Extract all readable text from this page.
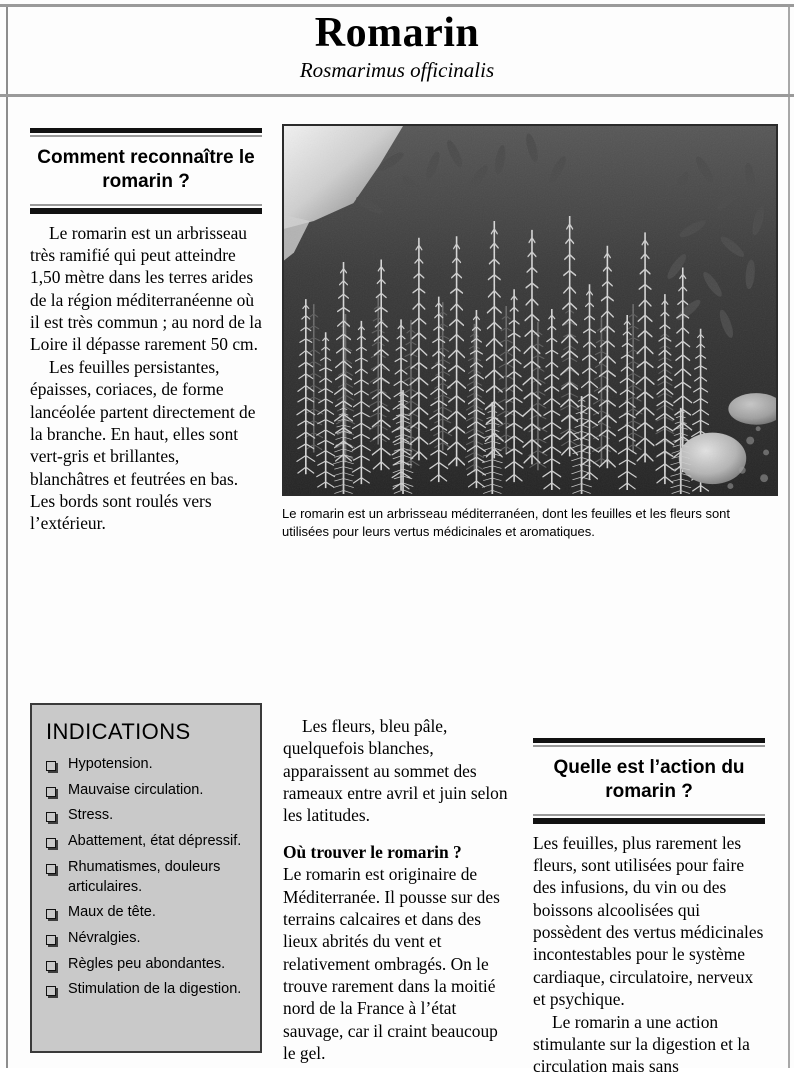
Romarin
Rosmarimus officinalis
Comment reconnaître le romarin ?

Le romarin est un arbrisseau très ramifié qui peut atteindre 1,50 mètre dans les terres arides de la région méditerranéenne où il est très commun ; au nord de la Loire il dépasse rarement 50 cm.

Les feuilles persistantes, épaisses, coriaces, de forme lancéolée partent directement de la branche. En haut, elles sont vert-gris et brillantes, blanchâtres et feutrées en bas. Les bords sont roulés vers l’extérieur.	Le romarin est un arbrisseau méditerranéen, dont les feuilles et les fleurs sont utilisées pour leurs vertus médicinales et aromatiques.
INDICATIONS
Hypotension.
Mauvaise circulation.
Stress.
Abattement, état dépressif.
Rhumatismes, douleurs articulaires.
Maux de tête.
Névralgies.
Règles peu abondantes.
Stimulation de la digestion.

Les fleurs, bleu pâle, quelquefois blanches, apparaissent au sommet des rameaux entre avril et juin selon les latitudes.

Où trouver le romarin ?

Le romarin est originaire de Méditerranée. Il pousse sur des terrains calcaires et dans des lieux abrités du vent et relativement ombragés. On le trouve rarement dans la moitié nord de la France à l’état sauvage, car il craint beaucoup le gel.

Quelle est l’action du romarin ?

Les feuilles, plus rarement les fleurs, sont utilisées pour faire des infusions, du vin ou des boissons alcoolisées qui possèdent des vertus médicinales incontestables pour le système cardiaque, circulatoire, nerveux et psychique.

Le romarin a une action stimulante sur la digestion et la circulation mais sans
